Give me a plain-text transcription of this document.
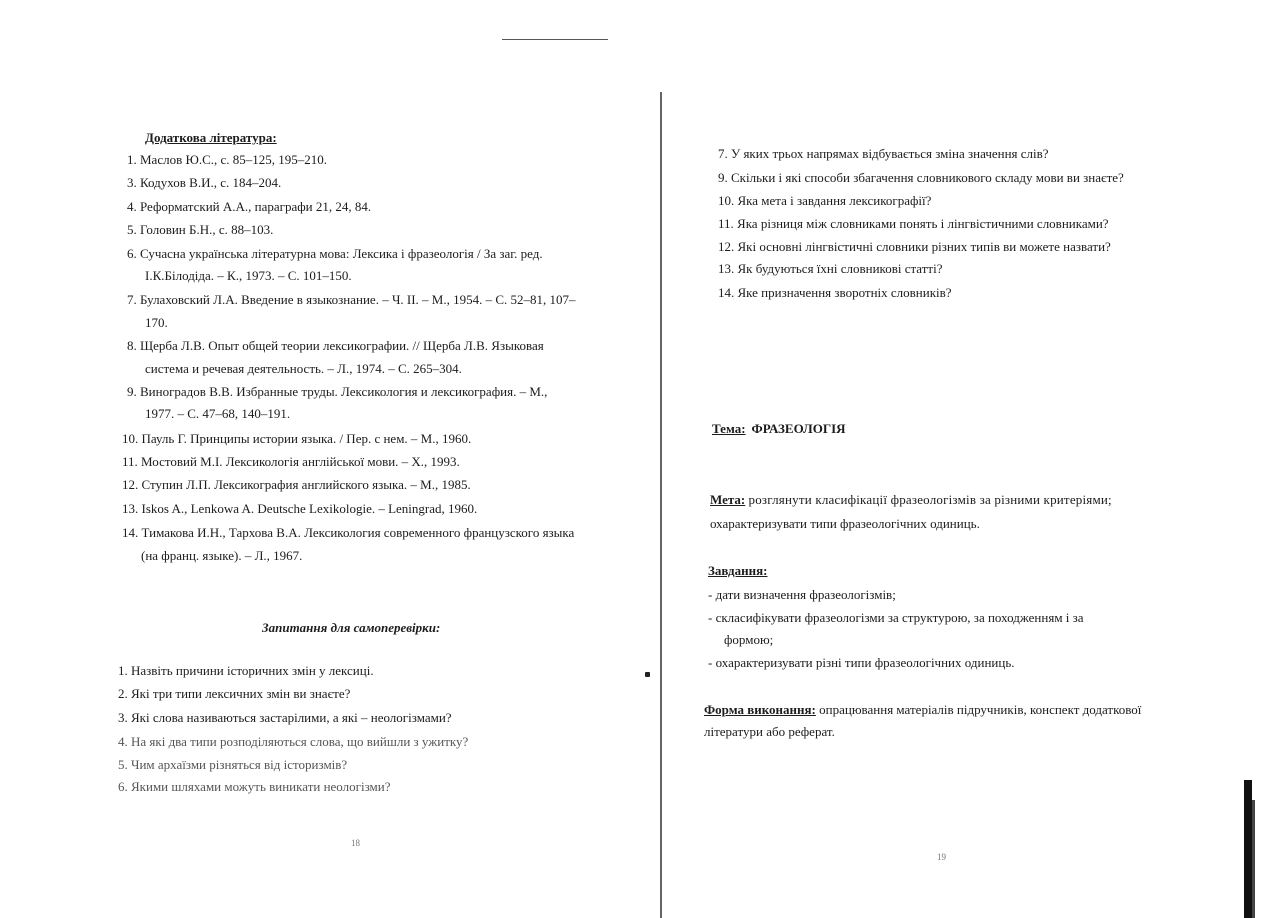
Додаткова література:
1. Маслов Ю.С., с. 85–125, 195–210.
3. Кодухов В.И., с. 184–204.
4. Реформатский А.А., параграфи 21, 24, 84.
5. Головин Б.Н., с. 88–103.
6. Сучасна українська літературна мова: Лексика і фразеологія / За заг. ред.
І.К.Білодіда. – К., 1973. – С. 101–150.
7. Булаховский Л.А. Введение в языкознание. – Ч. ІІ. – М., 1954. – С. 52–81, 107–
170.
8. Щерба Л.В. Опыт общей теории лексикографии. // Щерба Л.В. Языковая
система и речевая деятельность. – Л., 1974. – С. 265–304.
9. Виноградов В.В. Избранные труды. Лексикология и лексикография. – М.,
1977. – С. 47–68, 140–191.
10. Пауль Г. Принципы истории языка. / Пер. с нем. – М., 1960.
11. Мостовий М.І. Лексикологія англійської мови. – Х., 1993.
12. Ступин Л.П. Лексикография английского языка. – М., 1985.
13. Iskos A., Lenkowa A. Deutsche Lexikologie. – Leningrad, 1960.
14. Тимакова И.Н., Тархова В.А. Лексикология современного французского языка
(на франц. языке). – Л., 1967.
Запитання для самоперевірки:
1. Назвіть причини історичних змін у лексиці.
2. Які три типи лексичних змін ви знаєте?
3. Які слова називаються застарілими, а які – неологізмами?
4. На які два типи розподіляються слова, що вийшли з ужитку?
5. Чим архаїзми різняться від історизмів?
6. Якими шляхами можуть виникати неологізми?
18
7. У яких трьох напрямах відбувається зміна значення слів?
9. Скільки і які способи збагачення словникового складу мови ви знаєте?
10. Яка мета і завдання лексикографії?
11. Яка різниця між словниками понять і лінгвістичними словниками?
12. Які основні лінгвістичні словники різних типів ви можете назвати?
13. Як будуються їхні словникові статті?
14. Яке призначення зворотніх словників?
Тема: ФРАЗЕОЛОГІЯ
Мета: розглянути класифікації фразеологізмів за різними критеріями;
охарактеризувати типи фразеологічних одиниць.
Завдання:
- дати визначення фразеологізмів;
- скласифікувати фразеологізми за структурою, за походженням і за
формою;
- охарактеризувати різні типи фразеологічних одиниць.
Форма виконання: опрацювання матеріалів підручників, конспект додаткової
літератури або реферат.
19
